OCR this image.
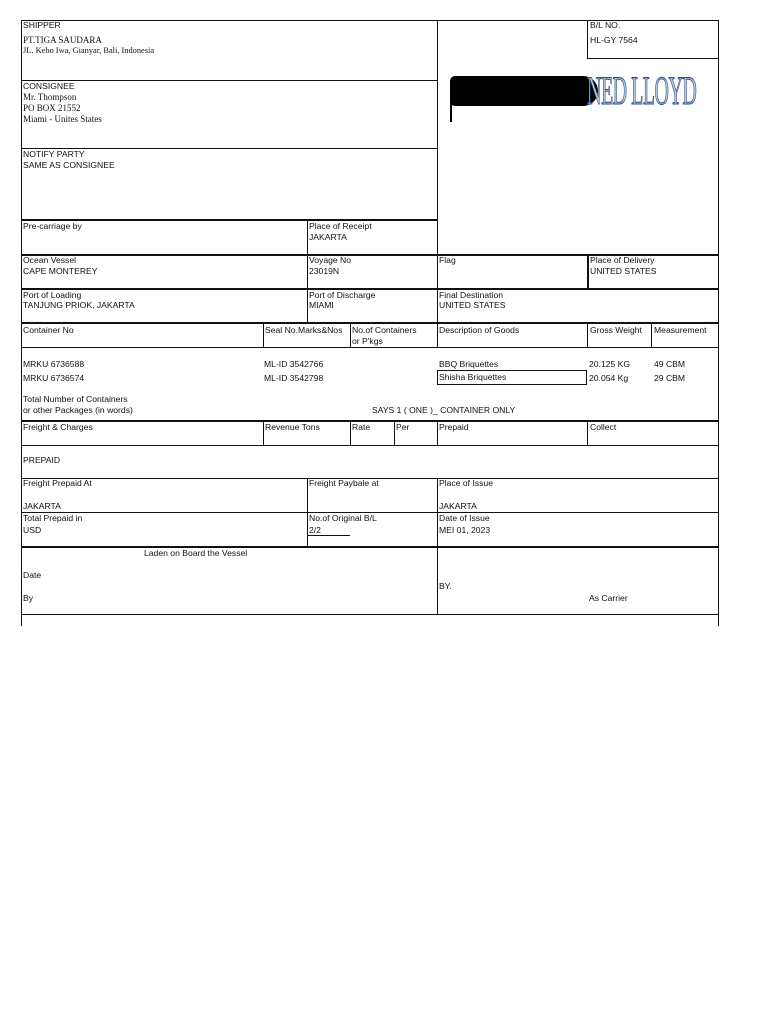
SHIPPER
PT.TIGA SAUDARA
JL. Kebo Iwa, Gianyar, Bali, Indonesia
B/L NO.
HL-GY 7564
NED LLOYD
CONSIGNEE
Mr. Thompson
PO BOX 21552
Miami - Unites States
NOTIFY PARTY
SAME AS CONSIGNEE
Pre-carriage by	Place of Receipt
JAKARTA
Ocean Vessel
CAPE MONTEREY
Voyage No
23019N
Flag	Place of Delivery
UNITED STATES
Port of Loading
TANJUNG PRIOK, JAKARTA
Port of Discharge
MIAMI
Final Destination
UNITED STATES
Container No	Seal No.Marks&Nos No.of Containers
or P'kgs
Description of Goods	Gross Weight Measurement
MRKU 6736588	ML-ID 3542766	BBQ Briquettes	20.125 KG	49 CBM
MRKU 6736574	ML-ID 3542798	Shisha Briquettes	20.054 Kg	29 CBM
Total Number of Containers
or other Packages (in words)	SAYS 1 ( ONE )_ CONTAINER ONLY
Freight & Charges	Revenue Tons	Rate	Per	Prepaid	Collect
PREPAID
Freight Prepaid At
JAKARTA
Freight Paybale at	Place of Issue
JAKARTA
Total Prepaid in
USD
No.of Original B/L
2/2
Date of Issue
MEI 01, 2023
Laden on Board the Vessel
Date
By
BY.
As Carrier
